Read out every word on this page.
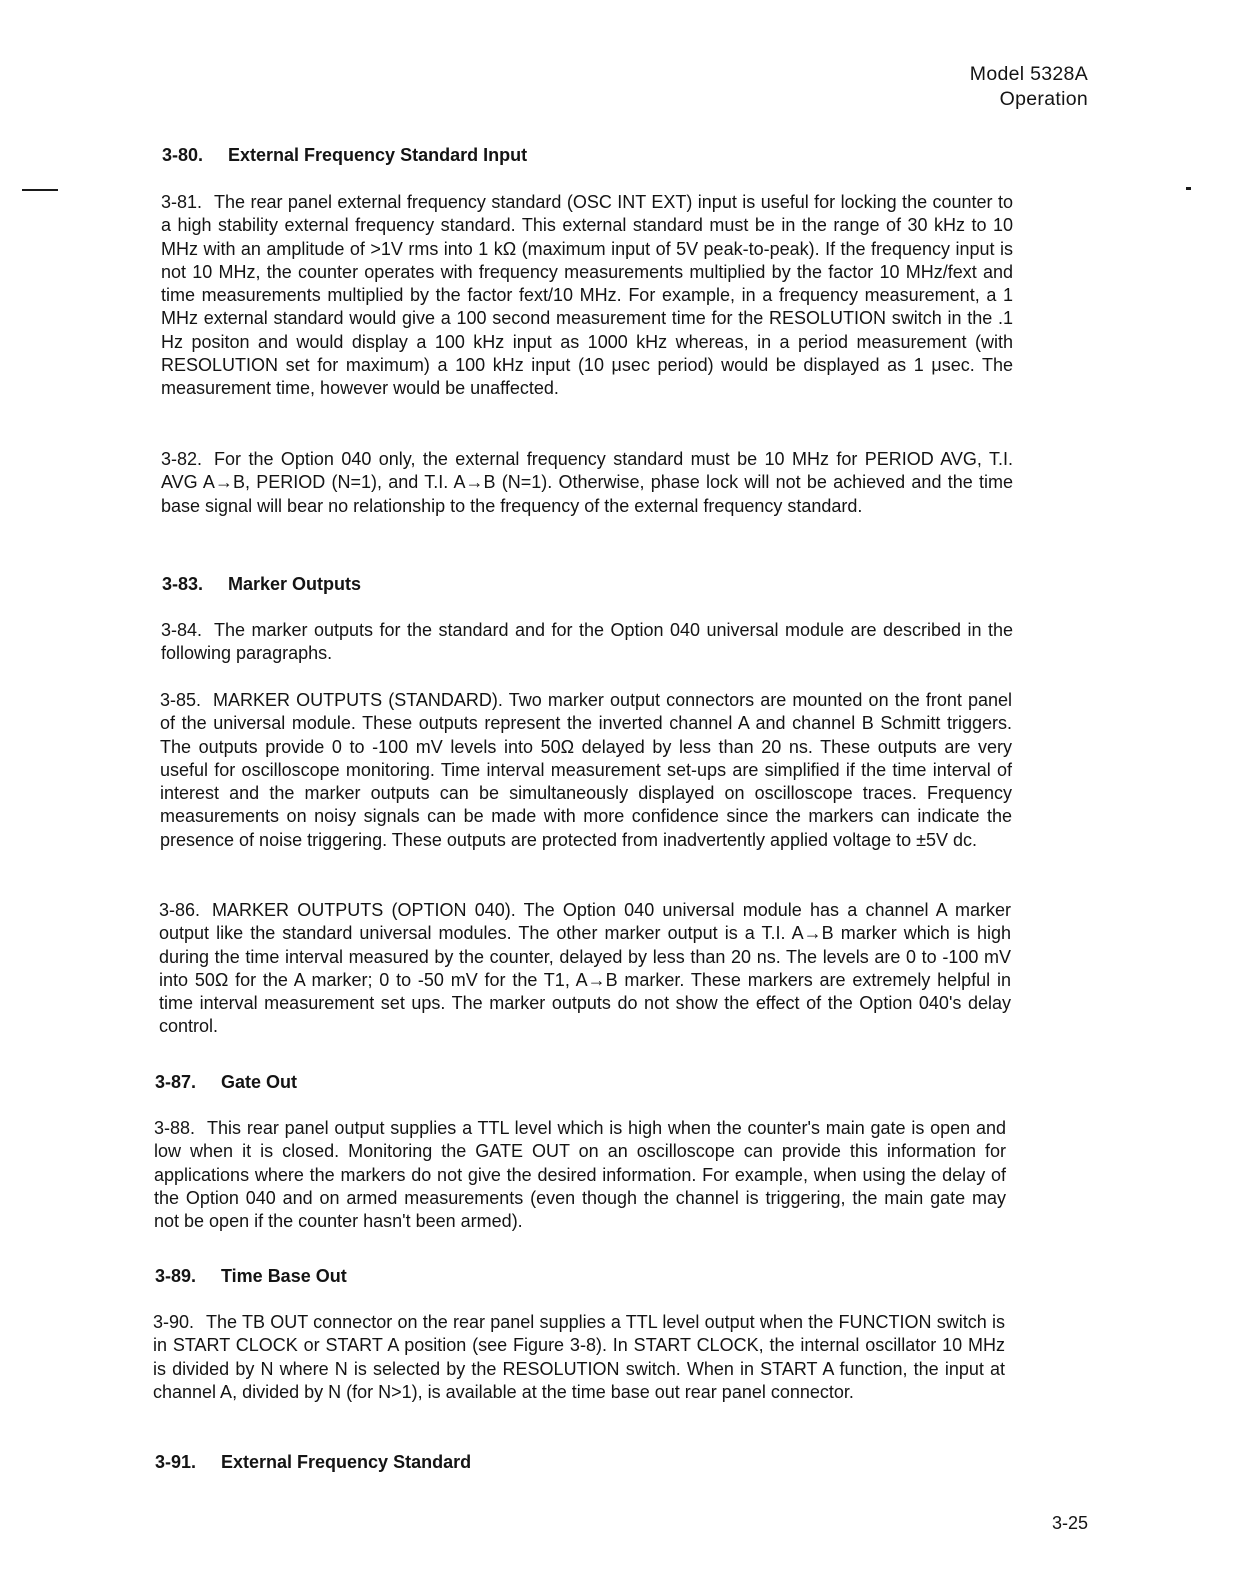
Model 5328A
Operation
3-80. External Frequency Standard Input

3-81. The rear panel external frequency standard (OSC INT EXT) input is useful for locking the counter to a high stability external frequency standard. This external standard must be in the range of 30 kHz to 10 MHz with an amplitude of >1V rms into 1 kΩ (maximum input of 5V peak-to-peak). If the frequency input is not 10 MHz, the counter operates with frequency measurements multiplied by the factor 10 MHz/fext and time measurements multiplied by the factor fext/10 MHz. For example, in a frequency measurement, a 1 MHz external standard would give a 100 second measurement time for the RESOLUTION switch in the .1 Hz positon and would display a 100 kHz input as 1000 kHz whereas, in a period measurement (with RESOLUTION set for maximum) a 100 kHz input (10 μsec period) would be displayed as 1 μsec. The measurement time, however would be unaffected.

3-82. For the Option 040 only, the external frequency standard must be 10 MHz for PERIOD AVG, T.I. AVG A→B, PERIOD (N=1), and T.I. A→B (N=1). Otherwise, phase lock will not be achieved and the time base signal will bear no relationship to the frequency of the external frequency standard.

3-83. Marker Outputs

3-84. The marker outputs for the standard and for the Option 040 universal module are described in the following paragraphs.

3-85. MARKER OUTPUTS (STANDARD). Two marker output connectors are mounted on the front panel of the universal module. These outputs represent the inverted channel A and channel B Schmitt triggers. The outputs provide 0 to -100 mV levels into 50Ω delayed by less than 20 ns. These outputs are very useful for oscilloscope monitoring. Time interval measurement set-ups are simplified if the time interval of interest and the marker outputs can be simultaneously displayed on oscilloscope traces. Frequency measurements on noisy signals can be made with more confidence since the markers can indicate the presence of noise triggering. These outputs are protected from inadvertently applied voltage to ±5V dc.

3-86. MARKER OUTPUTS (OPTION 040). The Option 040 universal module has a channel A marker output like the standard universal modules. The other marker output is a T.I. A→B marker which is high during the time interval measured by the counter, delayed by less than 20 ns. The levels are 0 to -100 mV into 50Ω for the A marker; 0 to -50 mV for the T1, A→B marker. These markers are extremely helpful in time interval measurement set ups. The marker outputs do not show the effect of the Option 040's delay control.

3-87. Gate Out

3-88. This rear panel output supplies a TTL level which is high when the counter's main gate is open and low when it is closed. Monitoring the GATE OUT on an oscilloscope can provide this information for applications where the markers do not give the desired information. For example, when using the delay of the Option 040 and on armed measurements (even though the channel is triggering, the main gate may not be open if the counter hasn't been armed).

3-89. Time Base Out

3-90. The TB OUT connector on the rear panel supplies a TTL level output when the FUNCTION switch is in START CLOCK or START A position (see Figure 3-8). In START CLOCK, the internal oscillator 10 MHz is divided by N where N is selected by the RESOLUTION switch. When in START A function, the input at channel A, divided by N (for N>1), is available at the time base out rear panel connector.

3-91. External Frequency Standard
3-25
